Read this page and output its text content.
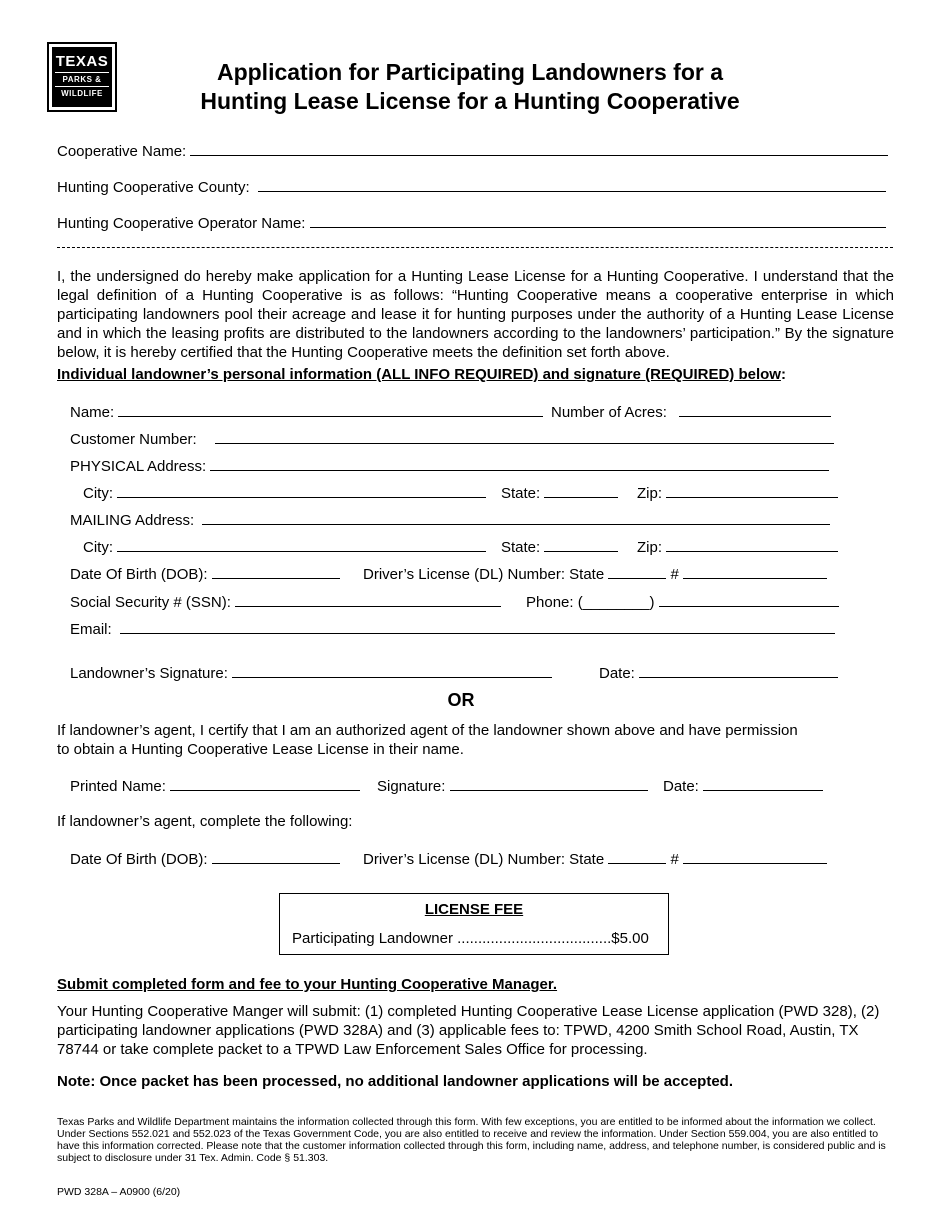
TEXAS
PARKS &
WILDLIFE
Application for Participating Landowners for a
Hunting Lease License for a Hunting Cooperative
Cooperative Name:
Hunting Cooperative County:
Hunting Cooperative Operator Name:
I, the undersigned do hereby make application for a Hunting Lease License for a Hunting Cooperative. I understand that the legal definition of a Hunting Cooperative is as follows: “Hunting Cooperative means a cooperative enterprise in which participating landowners pool their acreage and lease it for hunting purposes under the authority of a Hunting Lease License and in which the leasing profits are distributed to the landowners according to the landowners’ participation.” By the signature below, it is hereby certified that the Hunting Cooperative meets the definition set forth above.
Individual landowner’s personal information (ALL INFO REQUIRED) and signature (REQUIRED) below:
Name:	Number of Acres:
Customer Number:
PHYSICAL Address:
City:	State:	Zip:
MAILING Address:
City:	State:	Zip:
Date Of Birth (DOB):	Driver’s License (DL) Number: State	#
Social Security # (SSN):	Phone: (________)
Email:
Landowner’s Signature:	Date:
OR
If landowner’s agent, I certify that I am an authorized agent of the landowner shown above and have permission
to obtain a Hunting Cooperative Lease License in their name.
Printed Name:	Signature:	Date:
If landowner’s agent, complete the following:
Date Of Birth (DOB):	Driver’s License (DL) Number: State	#
LICENSE FEE
Participating Landowner .....................................$5.00
Submit completed form and fee to your Hunting Cooperative Manager.
Your Hunting Cooperative Manger will submit: (1) completed Hunting Cooperative Lease License application (PWD 328), (2) participating landowner applications (PWD 328A) and (3) applicable fees to: TPWD, 4200 Smith School Road, Austin, TX 78744 or take complete packet to a TPWD Law Enforcement Sales Office for processing.
Note: Once packet has been processed, no additional landowner applications will be accepted.
Texas Parks and Wildlife Department maintains the information collected through this form. With few exceptions, you are entitled to be informed about the information we collect. Under Sections 552.021 and 552.023 of the Texas Government Code, you are also entitled to receive and review the information. Under Section 559.004, you are also entitled to have this information corrected. Please note that the customer information collected through this form, including name, address, and telephone number, is considered public and is subject to disclosure under 31 Tex. Admin. Code § 51.303.
PWD 328A – A0900 (6/20)
